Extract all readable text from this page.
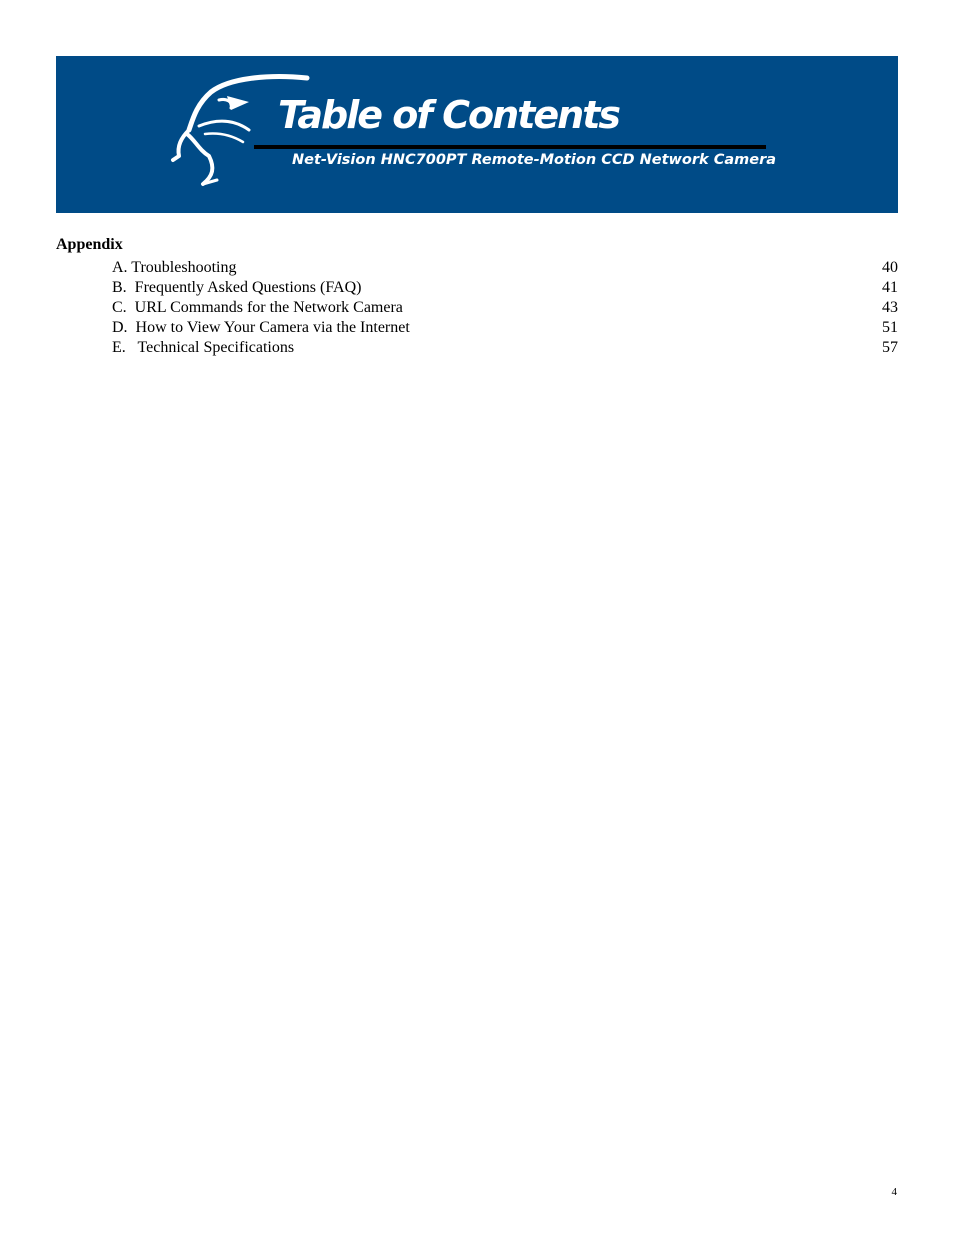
Table of Contents
Net-Vision HNC700PT Remote-Motion CCD Network Camera
Appendix
A. Troubleshooting	40
B.  Frequently Asked Questions (FAQ)	41
C.  URL Commands for the Network Camera	43
D.  How to View Your Camera via the Internet	51
E.   Technical Specifications	57
4
